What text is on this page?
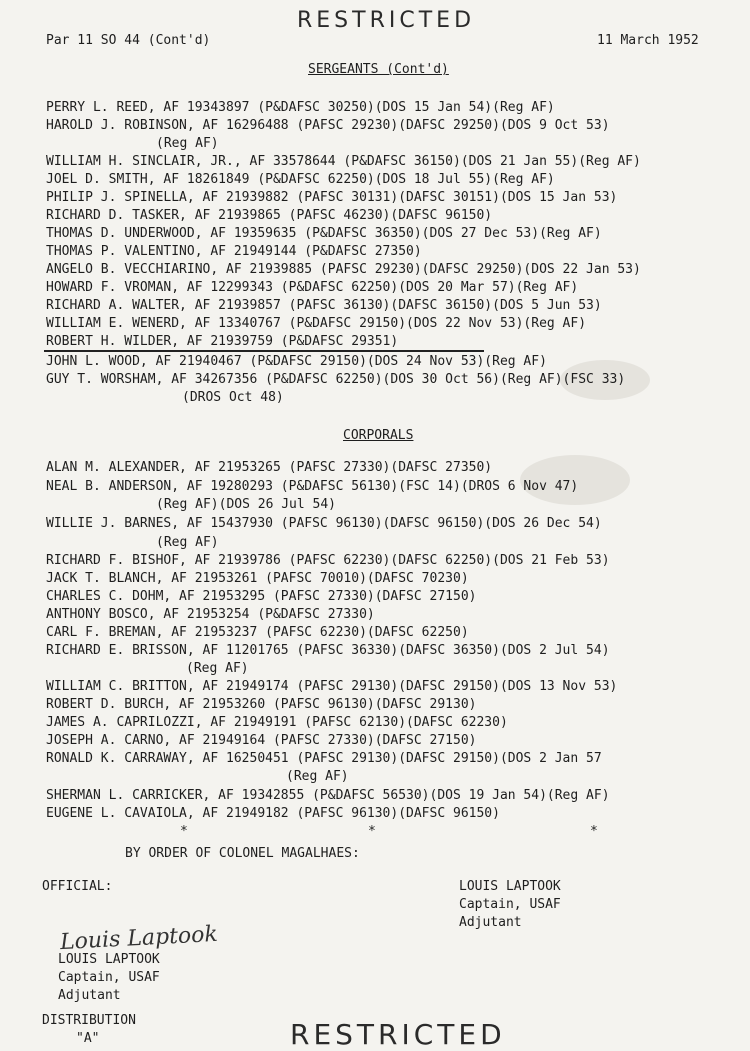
RESTRICTED
Par 11 SO 44 (Cont'd)	11 March 1952
SERGEANTS (Cont'd)
PERRY L. REED, AF 19343897 (P&DAFSC 30250)(DOS 15 Jan 54)(Reg AF)
HAROLD J. ROBINSON, AF 16296488 (PAFSC 29230)(DAFSC 29250)(DOS 9 Oct 53)
(Reg AF)
WILLIAM H. SINCLAIR, JR., AF 33578644 (P&DAFSC 36150)(DOS 21 Jan 55)(Reg AF)
JOEL D. SMITH, AF 18261849 (P&DAFSC 62250)(DOS 18 Jul 55)(Reg AF)
PHILIP J. SPINELLA, AF 21939882 (PAFSC 30131)(DAFSC 30151)(DOS 15 Jan 53)
RICHARD D. TASKER, AF 21939865 (PAFSC 46230)(DAFSC 96150)
THOMAS D. UNDERWOOD, AF 19359635 (P&DAFSC 36350)(DOS 27 Dec 53)(Reg AF)
THOMAS P. VALENTINO, AF 21949144 (P&DAFSC 27350)
ANGELO B. VECCHIARINO, AF 21939885 (PAFSC 29230)(DAFSC 29250)(DOS 22 Jan 53)
HOWARD F. VROMAN, AF 12299343 (P&DAFSC 62250)(DOS 20 Mar 57)(Reg AF)
RICHARD A. WALTER, AF 21939857 (PAFSC 36130)(DAFSC 36150)(DOS 5 Jun 53)
WILLIAM E. WENERD, AF 13340767 (P&DAFSC 29150)(DOS 22 Nov 53)(Reg AF)
ROBERT H. WILDER, AF 21939759 (P&DAFSC 29351)
JOHN L. WOOD, AF 21940467 (P&DAFSC 29150)(DOS 24 Nov 53)(Reg AF)
GUY T. WORSHAM, AF 34267356 (P&DAFSC 62250)(DOS 30 Oct 56)(Reg AF)(FSC 33)
(DROS Oct 48)
CORPORALS
ALAN M. ALEXANDER, AF 21953265 (PAFSC 27330)(DAFSC 27350)
NEAL B. ANDERSON, AF 19280293 (P&DAFSC 56130)(FSC 14)(DROS 6 Nov 47)
(Reg AF)(DOS 26 Jul 54)
WILLIE J. BARNES, AF 15437930 (PAFSC 96130)(DAFSC 96150)(DOS 26 Dec 54)
(Reg AF)
RICHARD F. BISHOF, AF 21939786 (PAFSC 62230)(DAFSC 62250)(DOS 21 Feb 53)
JACK T. BLANCH, AF 21953261 (PAFSC 70010)(DAFSC 70230)
CHARLES C. DOHM, AF 21953295 (PAFSC 27330)(DAFSC 27150)
ANTHONY BOSCO, AF 21953254 (P&DAFSC 27330)
CARL F. BREMAN, AF 21953237 (PAFSC 62230)(DAFSC 62250)
RICHARD E. BRISSON, AF 11201765 (PAFSC 36330)(DAFSC 36350)(DOS 2 Jul 54)
(Reg AF)
WILLIAM C. BRITTON, AF 21949174 (PAFSC 29130)(DAFSC 29150)(DOS 13 Nov 53)
ROBERT D. BURCH, AF 21953260 (PAFSC 96130)(DAFSC 29130)
JAMES A. CAPRILOZZI, AF 21949191 (PAFSC 62130)(DAFSC 62230)
JOSEPH A. CARNO, AF 21949164 (PAFSC 27330)(DAFSC 27150)
RONALD K. CARRAWAY, AF 16250451 (PAFSC 29130)(DAFSC 29150)(DOS 2 Jan 57
(Reg AF)
SHERMAN L. CARRICKER, AF 19342855 (P&DAFSC 56530)(DOS 19 Jan 54)(Reg AF)
EUGENE L. CAVAIOLA, AF 21949182 (PAFSC 96130)(DAFSC 96150)
*	*	*
BY ORDER OF COLONEL MAGALHAES:
OFFICIAL:	LOUIS LAPTOOK
Captain, USAF
Adjutant
Louis Laptook
LOUIS LAPTOOK
Captain, USAF
Adjutant
DISTRIBUTION
"A"	RESTRICTED
